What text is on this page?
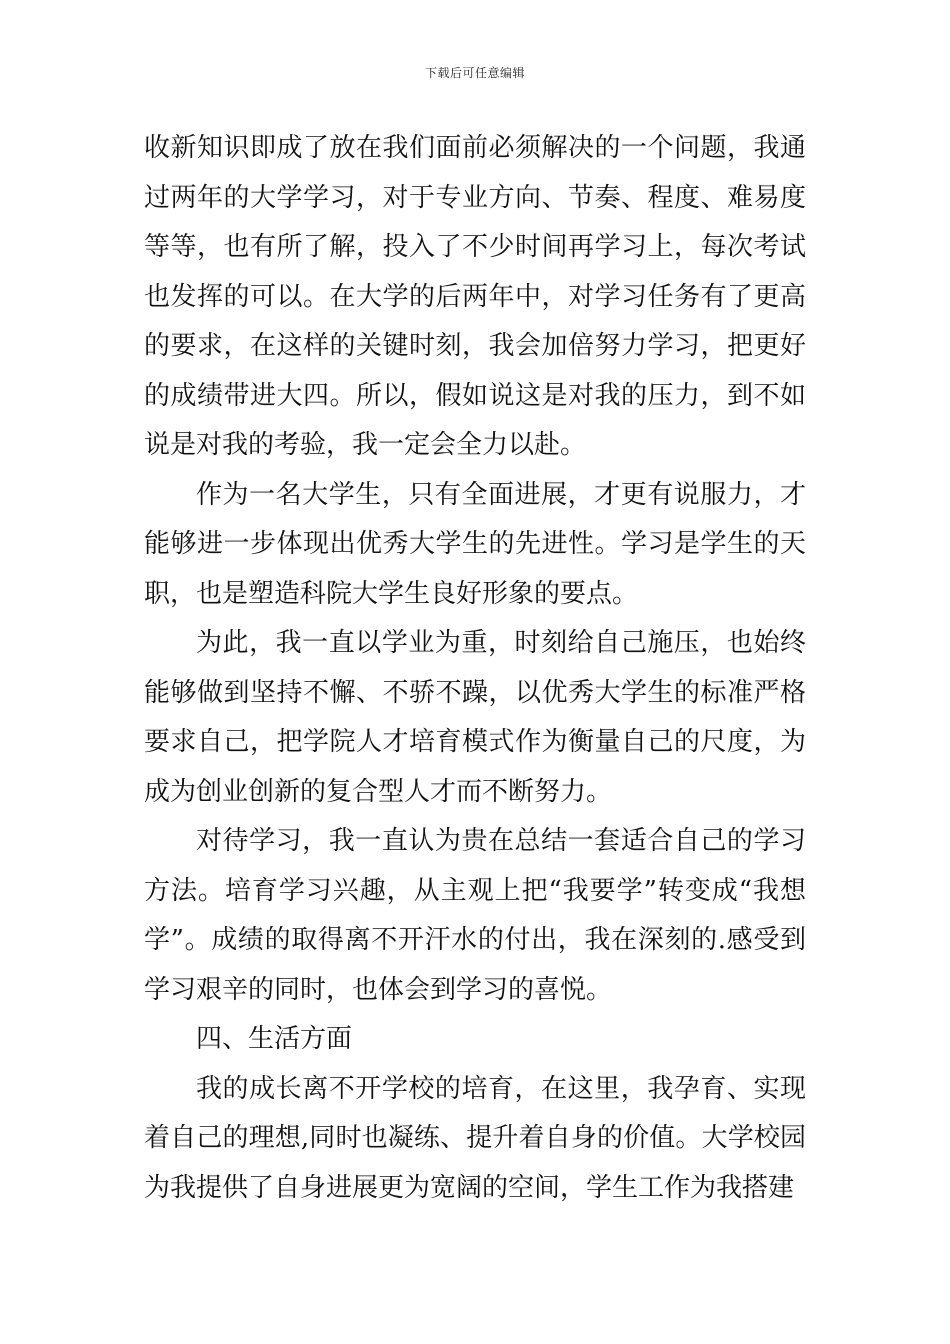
下载后可任意编辑

收新知识即成了放在我们面前必须解决的一个问题，我通过两年的大学学习，对于专业方向、节奏、程度、难易度等等，也有所了解，投入了不少时间再学习上，每次考试也发挥的可以。在大学的后两年中，对学习任务有了更高的要求，在这样的关键时刻，我会加倍努力学习，把更好的成绩带进大四。所以，假如说这是对我的压力，到不如说是对我的考验，我一定会全力以赴。

作为一名大学生，只有全面进展，才更有说服力，才能够进一步体现出优秀大学生的先进性。学习是学生的天职，也是塑造科院大学生良好形象的要点。

为此，我一直以学业为重，时刻给自己施压，也始终能够做到坚持不懈、不骄不躁，以优秀大学生的标准严格要求自己，把学院人才培育模式作为衡量自己的尺度，为成为创业创新的复合型人才而不断努力。

对待学习，我一直认为贵在总结一套适合自己的学习方法。培育学习兴趣，从主观上把“我要学”转变成“我想学”。成绩的取得离不开汗水的付出，我在深刻的.感受到学习艰辛的同时，也体会到学习的喜悦。

四、生活方面

我的成长离不开学校的培育，在这里，我孕育、实现着自己的理想,同时也凝练、提升着自身的价值。大学校园为我提供了自身进展更为宽阔的空间，学生工作为我搭建
